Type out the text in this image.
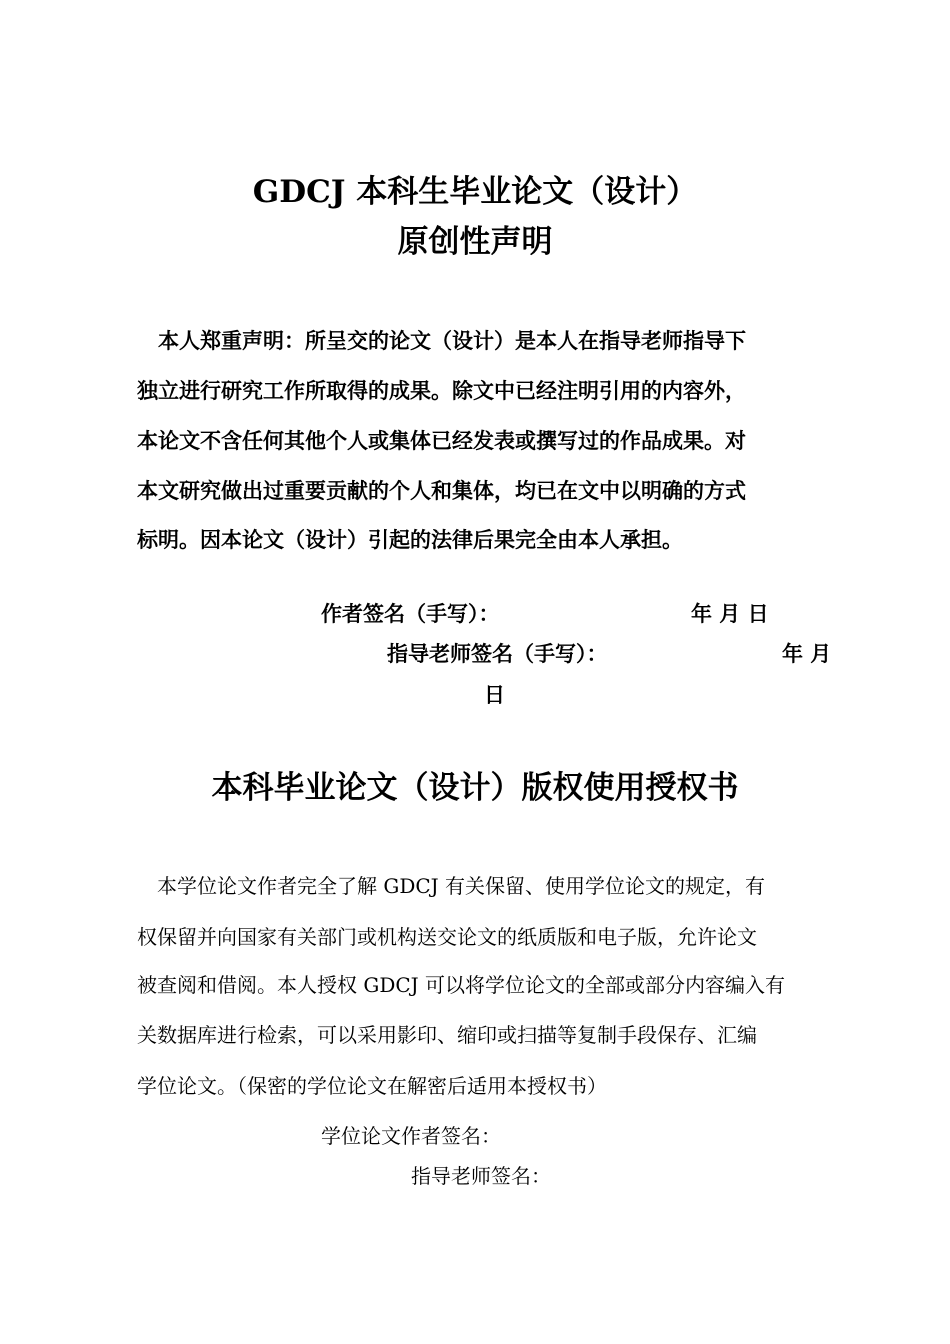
GDCJ 本科生毕业论文（设计）
原创性声明
　本人郑重声明：所呈交的论文（设计）是本人在指导老师指导下
独立进行研究工作所取得的成果。除文中已经注明引用的内容外，
本论文不含任何其他个人或集体已经发表或撰写过的作品成果。对
本文研究做出过重要贡献的个人和集体，均已在文中以明确的方式
标明。因本论文（设计）引起的法律后果完全由本人承担。
作者签名（手写）：	年 月 日
指导老师签名（手写）：	年 月
日
本科毕业论文（设计）版权使用授权书
　本学位论文作者完全了解 GDCJ 有关保留、使用学位论文的规定，有
权保留并向国家有关部门或机构送交论文的纸质版和电子版，允许论文
被查阅和借阅。本人授权 GDCJ 可以将学位论文的全部或部分内容编入有
关数据库进行检索，可以采用影印、缩印或扫描等复制手段保存、汇编
学位论文。（保密的学位论文在解密后适用本授权书）
学位论文作者签名：
指导老师签名：
